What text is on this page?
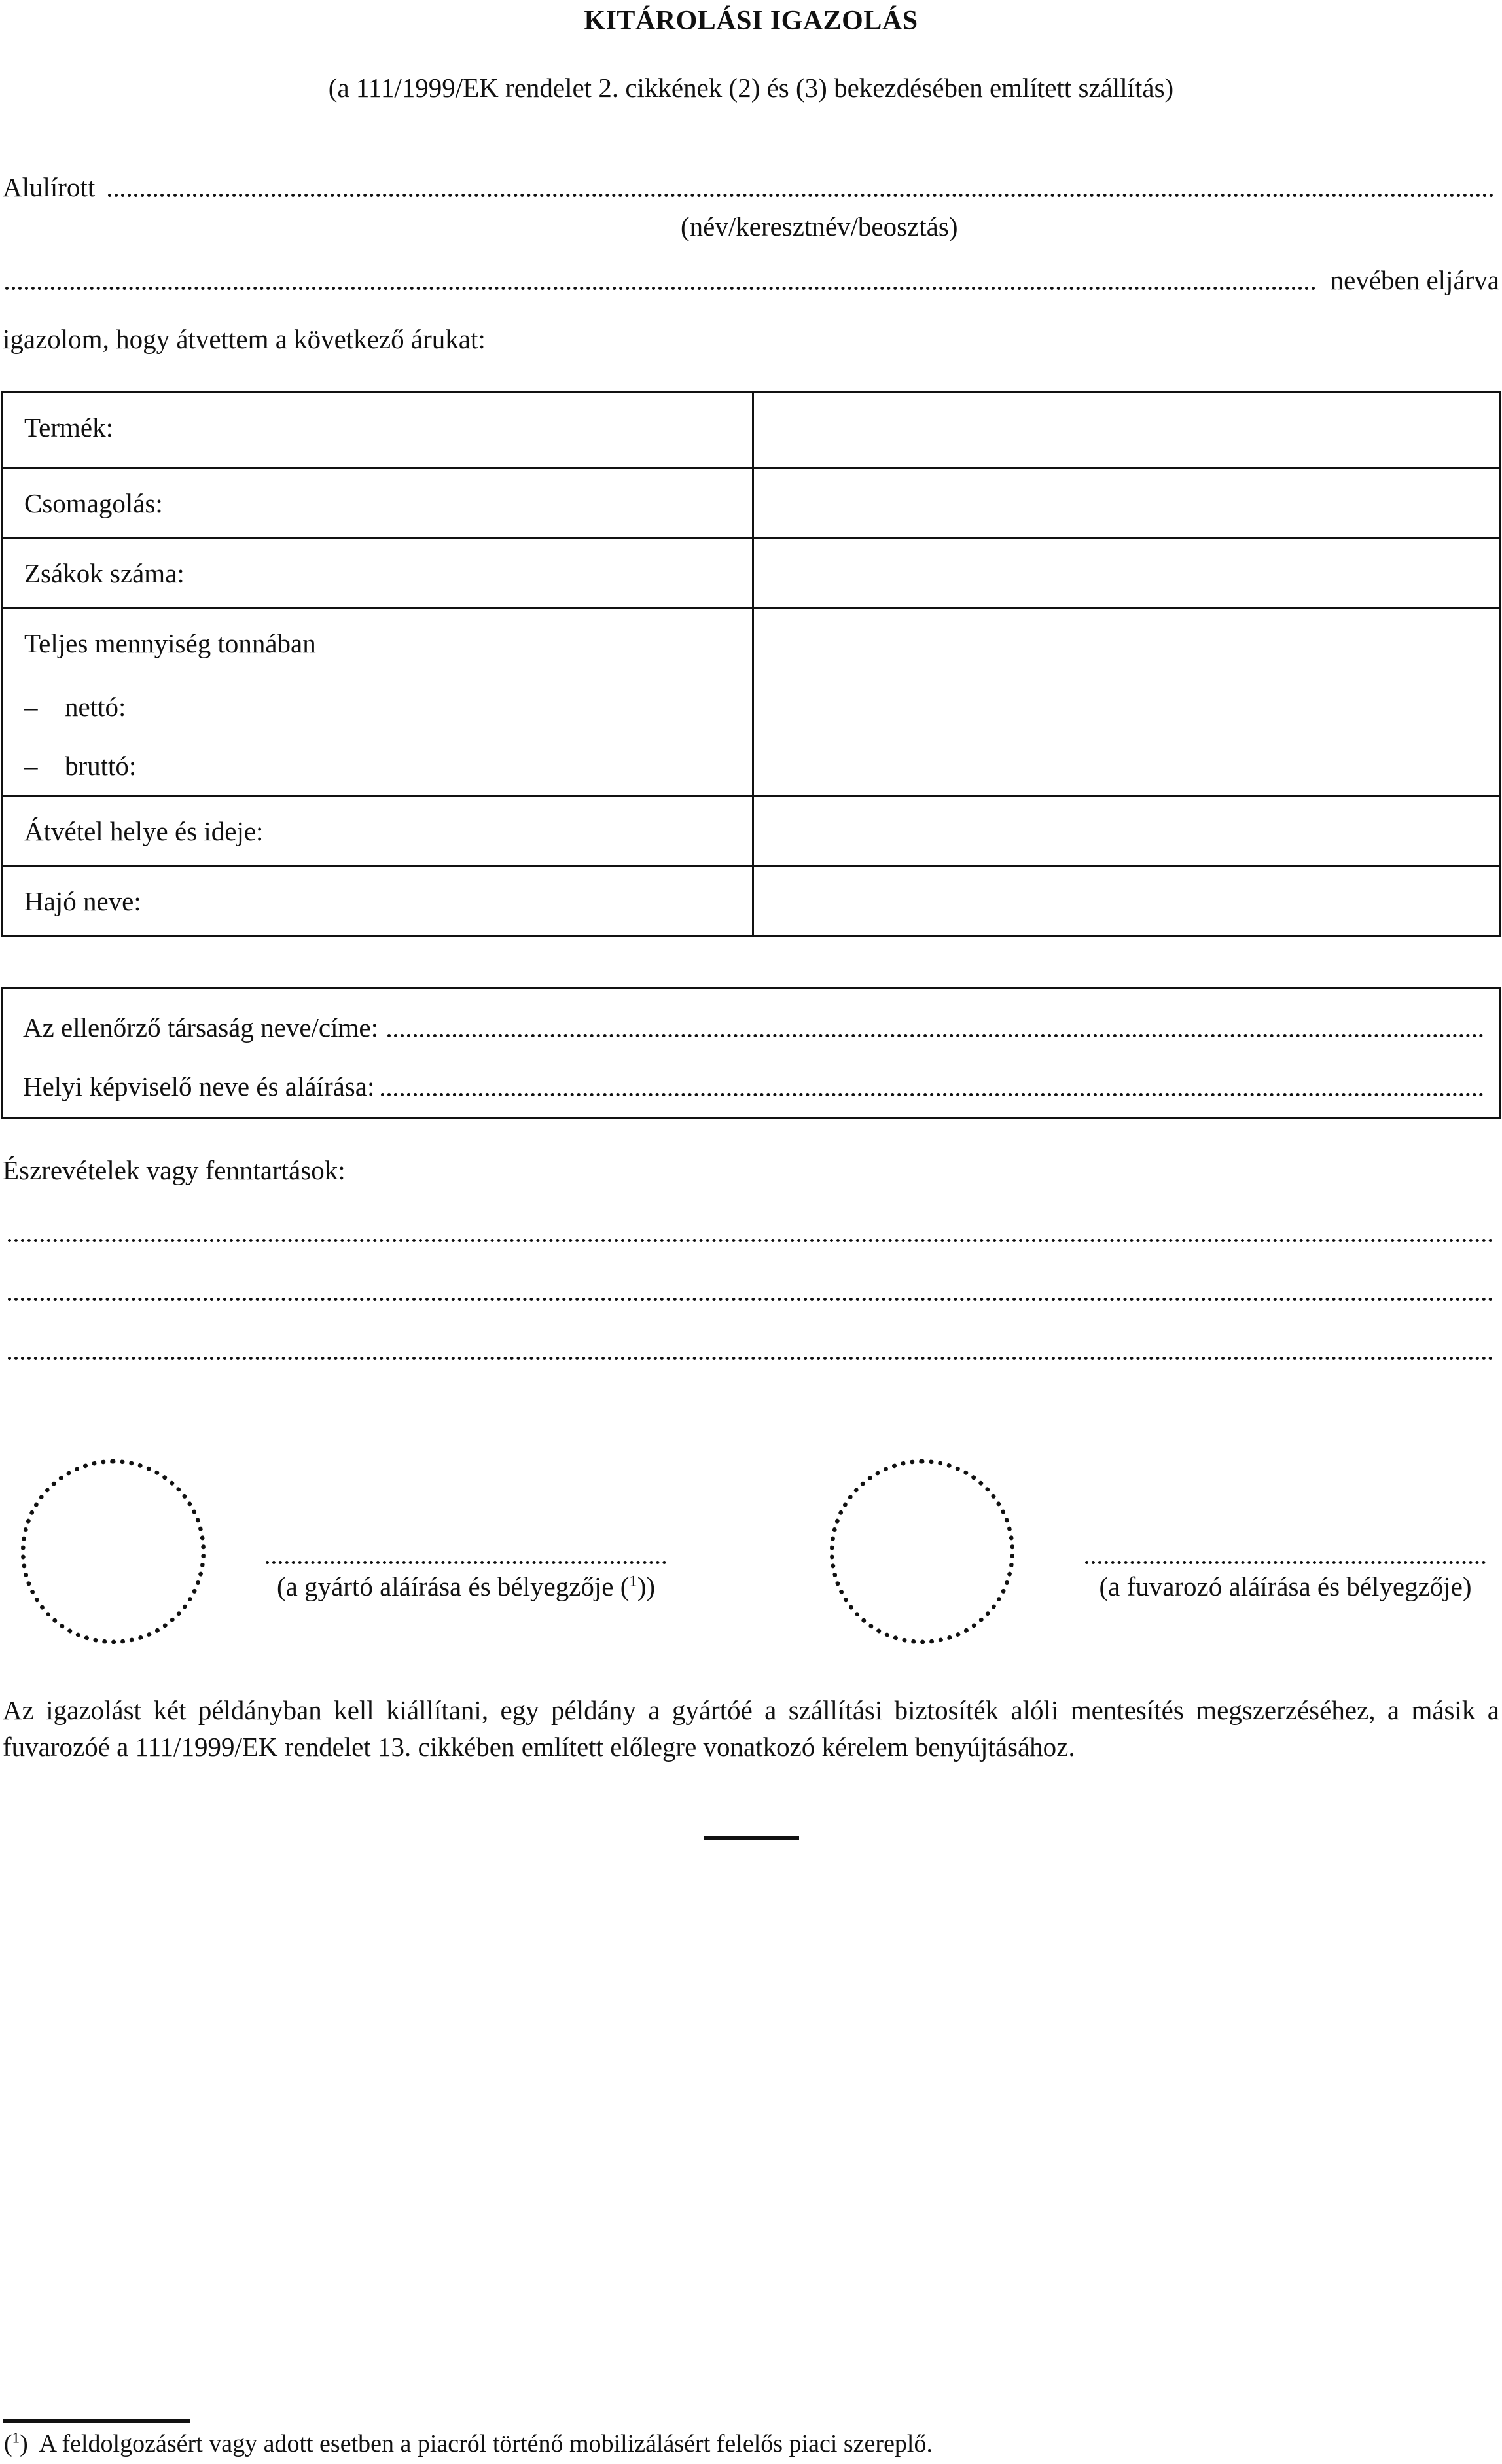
KITÁROLÁSI IGAZOLÁS
(a 111/1999/EK rendelet 2. cikkének (2) és (3) bekezdésében említett szállítás)
Alulírott
(név/keresztnév/beosztás)
nevében eljárva
igazolom, hogy átvettem a következő árukat:
Termék:	

Csomagolás:	

Zsákok száma:	

Teljes mennyiség tonnában
– nettó:
– bruttó:	

Átvétel helye és ideje:	

Hajó neve:	

Az ellenőrző társaság neve/címe:
Helyi képviselő neve és aláírása:
Észrevételek vagy fenntartások:
(a gyártó aláírása és bélyegzője ($^1$))	(a fuvarozó aláírása és bélyegzője)
Az igazolást két példányban kell kiállítani, egy példány a gyártóé a szállítási biztosíték alóli mentesítés megszerzéséhez, a másik a fuvarozóé a 111/1999/EK rendelet 13. cikkében említett előlegre vonatkozó kérelem benyújtásához.
($^1$)  A feldolgozásért vagy adott esetben a piacról történő mobilizálásért felelős piaci szereplő.
